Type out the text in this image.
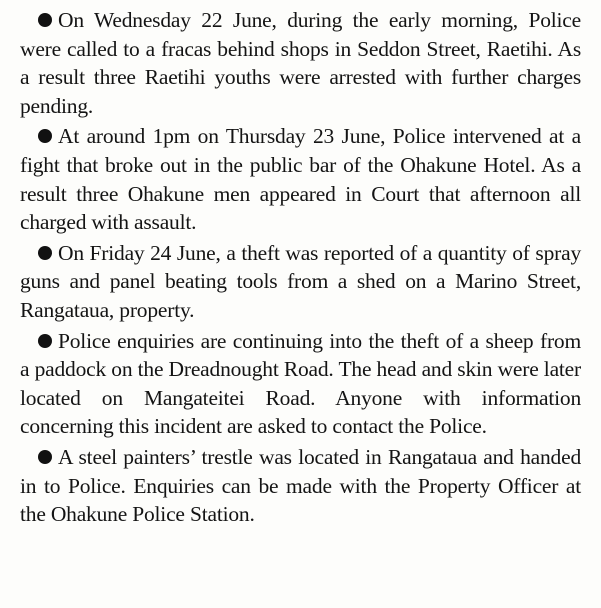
On Wednesday 22 June, during the early morning, Police were called to a fracas behind shops in Seddon Street, Raetihi. As a result three Raetihi youths were arrested with further charges pending.

At around 1pm on Thursday 23 June, Police intervened at a fight that broke out in the public bar of the Ohakune Hotel. As a result three Ohakune men appeared in Court that afternoon all charged with assault.

On Friday 24 June, a theft was reported of a quantity of spray guns and panel beating tools from a shed on a Marino Street, Rangataua, property.

Police enquiries are continuing into the theft of a sheep from a paddock on the Dreadnought Road. The head and skin were later located on Mangateitei Road. Anyone with information concerning this incident are asked to contact the Police.

A steel painters’ trestle was located in Rangataua and handed in to Police. Enquiries can be made with the Property Officer at the Ohakune Police Station.
